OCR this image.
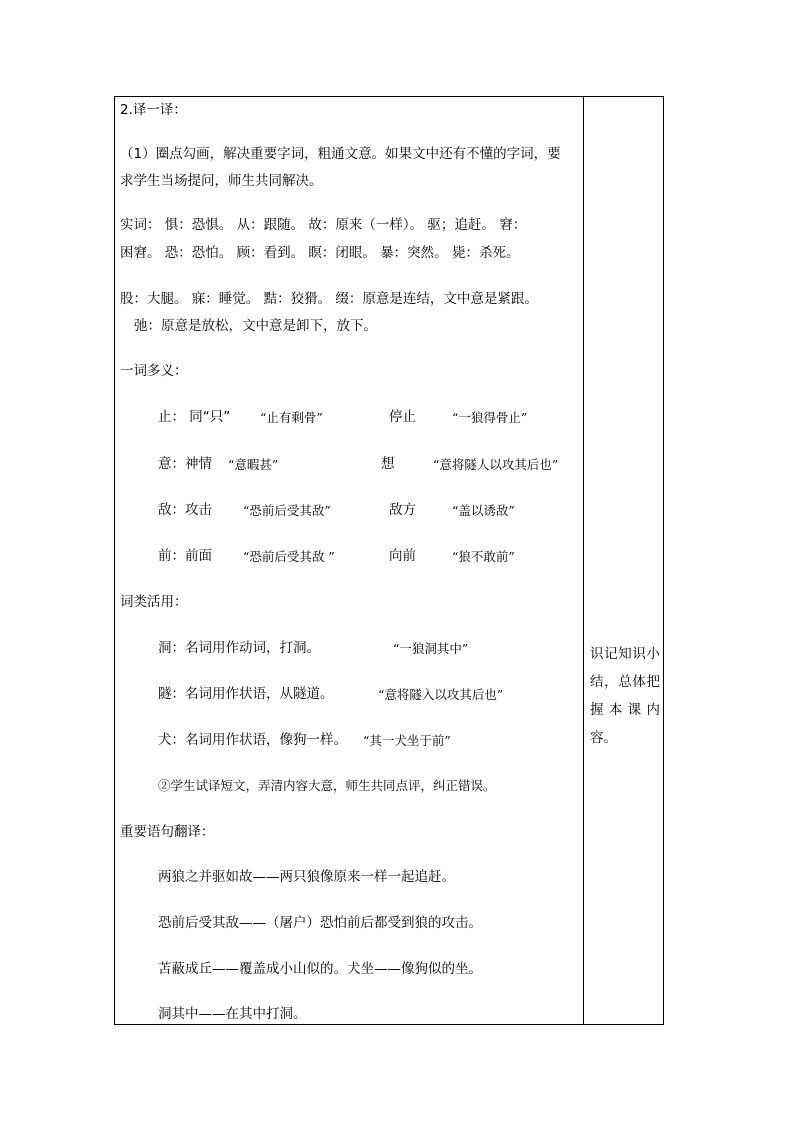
2.译一译：
（1）圈点勾画，解决重要字词，粗通文意。如果文中还有不懂的字词，要
求学生当场提问，师生共同解决。
实词： 惧：恐惧。 从：跟随。 故：原来（一样）。 驱；追赶。 窘：
困窘。 恐：恐怕。 顾：看到。 瞑：闭眼。 暴：突然。 毙：杀死。
股：大腿。 寐：睡觉。 黠：狡猾。 缀：原意是连结，文中意是紧跟。
弛：原意是放松，文中意是卸下，放下。
一词多义：
止： 同“只” “止有剩骨”	停止	“一狼得骨止”
意：神情 “意暇甚”	想	“意将隧人以攻其后也”
敌：攻击 “恐前后受其敌”	敌方	“盖以诱敌”
前：前面 “恐前后受其敌 ”	向前	“狼不敢前”
词类活用：
洞：名词用作动词，打洞。	“一狼洞其中”
隧：名词用作状语，从隧道。	“意将隧入以攻其后也”
犬：名词用作状语，像狗一样。 “其一犬坐于前”
②学生试译短文，弄清内容大意，师生共同点评，纠正错误。
重要语句翻译：
两狼之并驱如故——两只狼像原来一样一起追赶。
恐前后受其敌——（屠户）恐怕前后都受到狼的攻击。
苫蔽成丘——覆盖成小山似的。犬坐——像狗似的坐。
洞其中——在其中打洞。
识记知识小结，总体把握本课内容。
